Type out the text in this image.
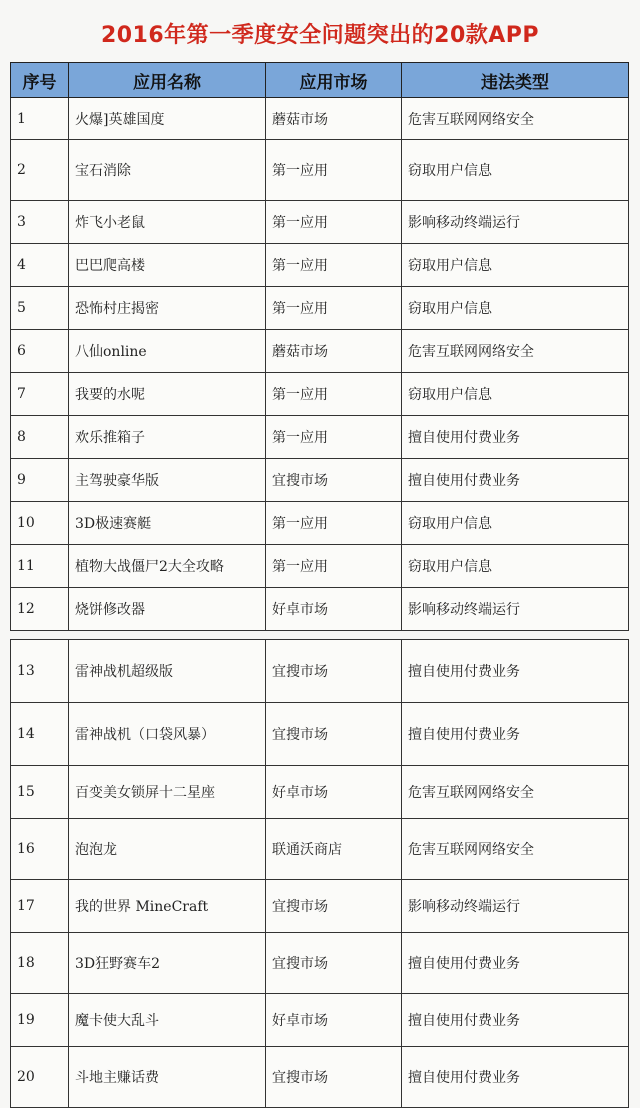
2016年第一季度安全问题突出的20款APP
序号	应用名称	应用市场	违法类型
1	火爆]英雄国度	蘑菇市场	危害互联网网络安全
2	宝石消除	第一应用	窃取用户信息
3	炸飞小老鼠	第一应用	影响移动终端运行
4	巴巴爬高楼	第一应用	窃取用户信息
5	恐怖村庄揭密	第一应用	窃取用户信息
6	八仙online	蘑菇市场	危害互联网网络安全
7	我要的水呢	第一应用	窃取用户信息
8	欢乐推箱子	第一应用	擅自使用付费业务
9	主驾驶豪华版	宜搜市场	擅自使用付费业务
10	3D极速赛艇	第一应用	窃取用户信息
11	植物大战僵尸2大全攻略	第一应用	窃取用户信息
12	烧饼修改器	好卓市场	影响移动终端运行

13	雷神战机超级版	宜搜市场	擅自使用付费业务
14	雷神战机（口袋风暴）	宜搜市场	擅自使用付费业务
15	百变美女锁屏十二星座	好卓市场	危害互联网网络安全
16	泡泡龙	联通沃商店	危害互联网网络安全
17	我的世界 MineCraft	宜搜市场	影响移动终端运行
18	3D狂野赛车2	宜搜市场	擅自使用付费业务
19	魔卡使大乱斗	好卓市场	擅自使用付费业务
20	斗地主赚话费	宜搜市场	擅自使用付费业务
